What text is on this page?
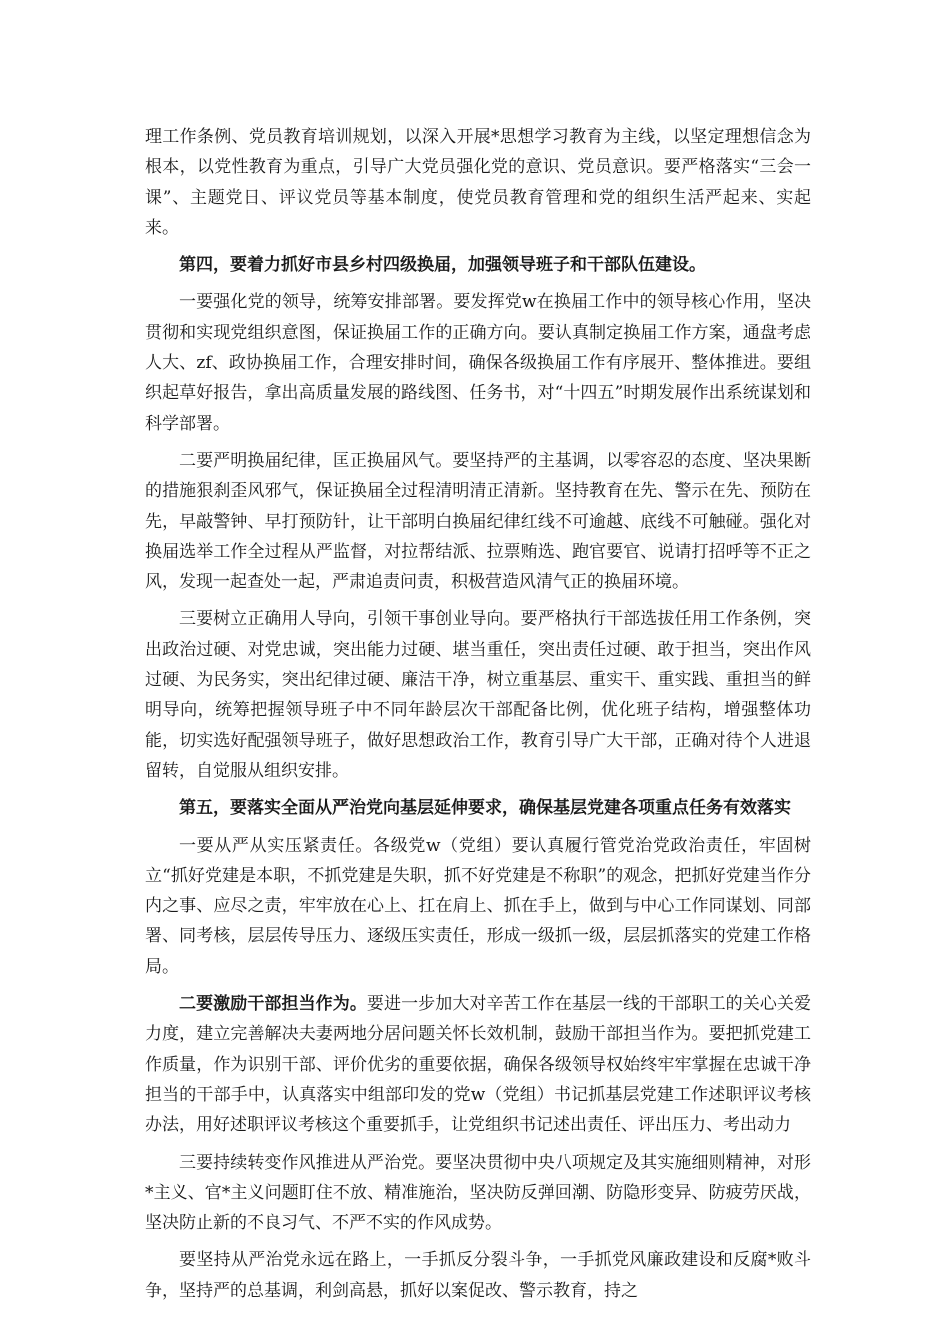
理工作条例、党员教育培训规划，以深入开展*思想学习教育为主线，以坚定理想信念为根本，以党性教育为重点，引导广大党员强化党的意识、党员意识。要严格落实“三会一课”、主题党日、评议党员等基本制度，使党员教育管理和党的组织生活严起来、实起来。

第四，要着力抓好市县乡村四级换届，加强领导班子和干部队伍建设。

一要强化党的领导，统筹安排部署。要发挥党w在换届工作中的领导核心作用，坚决贯彻和实现党组织意图，保证换届工作的正确方向。要认真制定换届工作方案，通盘考虑人大、zf、政协换届工作，合理安排时间，确保各级换届工作有序展开、整体推进。要组织起草好报告，拿出高质量发展的路线图、任务书，对“十四五”时期发展作出系统谋划和科学部署。

二要严明换届纪律，匡正换届风气。要坚持严的主基调，以零容忍的态度、坚决果断的措施狠刹歪风邪气，保证换届全过程清明清正清新。坚持教育在先、警示在先、预防在先，早敲警钟、早打预防针，让干部明白换届纪律红线不可逾越、底线不可触碰。强化对换届选举工作全过程从严监督，对拉帮结派、拉票贿选、跑官要官、说请打招呼等不正之风，发现一起查处一起，严肃追责问责，积极营造风清气正的换届环境。

三要树立正确用人导向，引领干事创业导向。要严格执行干部选拔任用工作条例，突出政治过硬、对党忠诚，突出能力过硬、堪当重任，突出责任过硬、敢于担当，突出作风过硬、为民务实，突出纪律过硬、廉洁干净，树立重基层、重实干、重实践、重担当的鲜明导向，统筹把握领导班子中不同年龄层次干部配备比例，优化班子结构，增强整体功能，切实选好配强领导班子，做好思想政治工作，教育引导广大干部，正确对待个人进退留转，自觉服从组织安排。

第五，要落实全面从严治党向基层延伸要求，确保基层党建各项重点任务有效落实

一要从严从实压紧责任。各级党w（党组）要认真履行管党治党政治责任，牢固树立“抓好党建是本职，不抓党建是失职，抓不好党建是不称职”的观念，把抓好党建当作分内之事、应尽之责，牢牢放在心上、扛在肩上、抓在手上，做到与中心工作同谋划、同部署、同考核，层层传导压力、逐级压实责任，形成一级抓一级，层层抓落实的党建工作格局。

二要激励干部担当作为。要进一步加大对辛苦工作在基层一线的干部职工的关心关爱力度，建立完善解决夫妻两地分居问题关怀长效机制，鼓励干部担当作为。要把抓党建工作质量，作为识别干部、评价优劣的重要依据，确保各级领导权始终牢牢掌握在忠诚干净担当的干部手中，认真落实中组部印发的党w（党组）书记抓基层党建工作述职评议考核办法，用好述职评议考核这个重要抓手，让党组织书记述出责任、评出压力、考出动力

三要持续转变作风推进从严治党。要坚决贯彻中央八项规定及其实施细则精神，对形*主义、官*主义问题盯住不放、精准施治，坚决防反弹回潮、防隐形变异、防疲劳厌战，坚决防止新的不良习气、不严不实的作风成势。

要坚持从严治党永远在路上，一手抓反分裂斗争，一手抓党风廉政建设和反腐*败斗争，坚持严的总基调，利剑高悬，抓好以案促改、警示教育，持之
